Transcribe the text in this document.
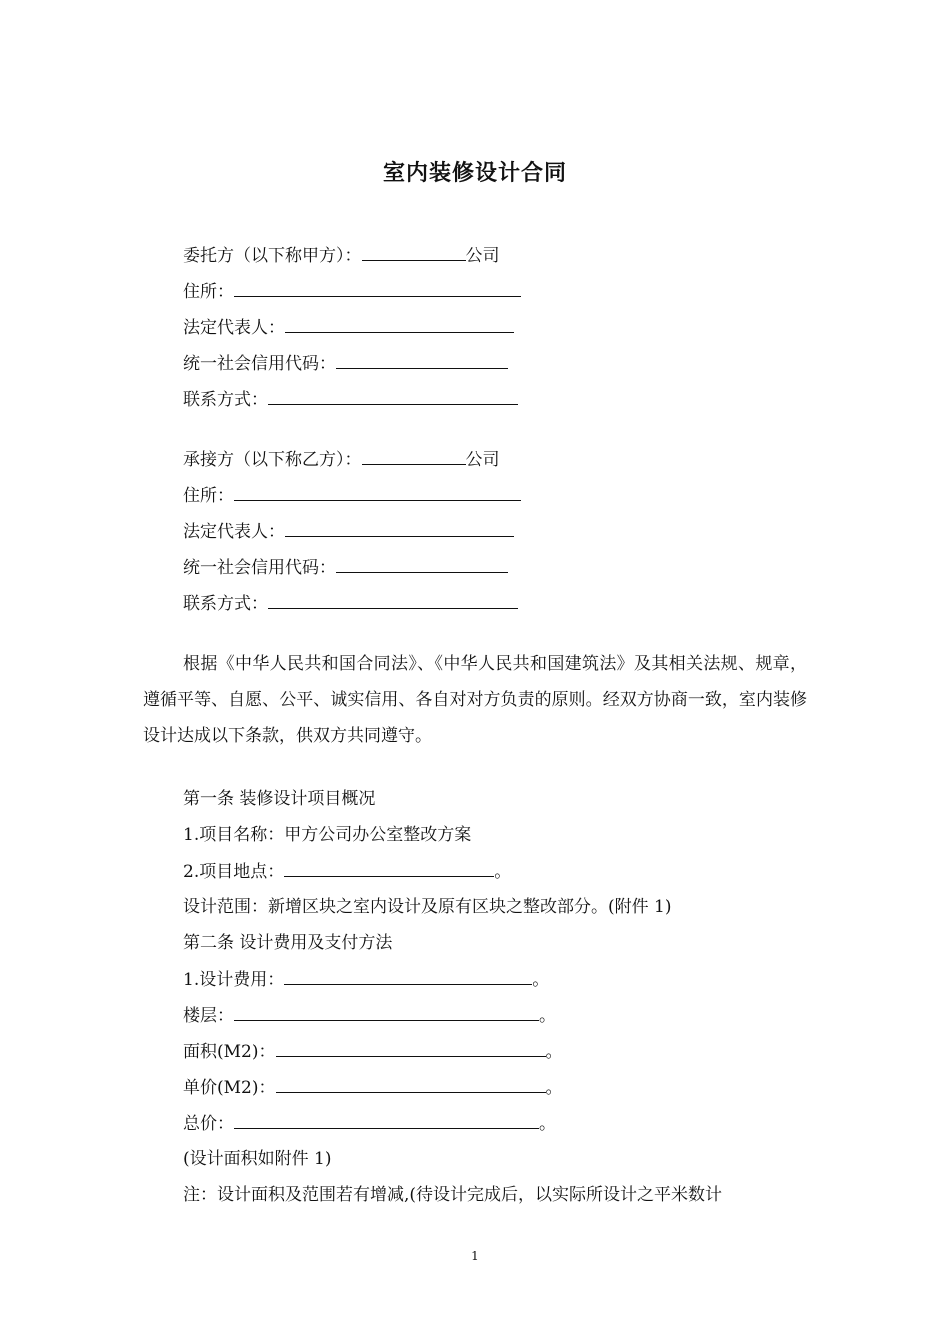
室内装修设计合同
委托方（以下称甲方）：	公司
住所：
法定代表人：
统一社会信用代码：
联系方式：
承接方（以下称乙方）：	公司
住所：
法定代表人：
统一社会信用代码：
联系方式：
根据《中华人民共和国合同法》、《中华人民共和国建筑法》及其相关法规、规章，遵循平等、自愿、公平、诚实信用、各自对对方负责的原则。经双方协商一致，室内装修设计达成以下条款，供双方共同遵守。
第一条 装修设计项目概况
1.项目名称：甲方公司办公室整改方案
2.项目地点：	。
设计范围：新增区块之室内设计及原有区块之整改部分。(附件 1)
第二条 设计费用及支付方法
1.设计费用：	。
楼层：	。
面积(M2)：	。
单价(M2)：	。
总价：	。
(设计面积如附件 1)
注：设计面积及范围若有增减,(待设计完成后，以实际所设计之平米数计
1
